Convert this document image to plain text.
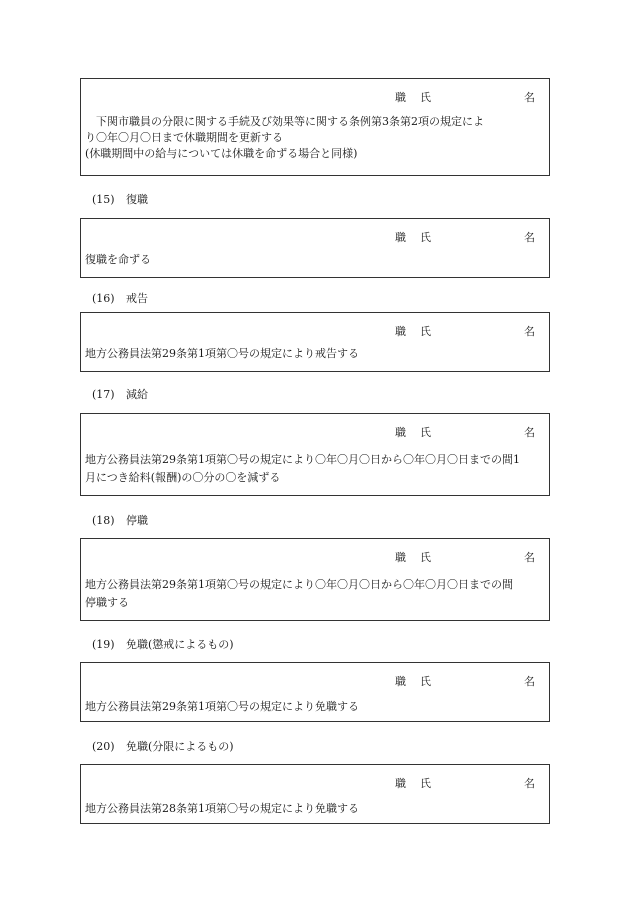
職 氏	名
下関市職員の分限に関する手続及び効果等に関する条例第3条第2項の規定によ
り〇年〇月〇日まで休職期間を更新する
(休職期間中の給与については休職を命ずる場合と同様)
(15) 復職
職 氏	名
復職を命ずる
(16) 戒告
職 氏	名
地方公務員法第29条第1項第〇号の規定により戒告する
(17) 減給
職 氏	名
地方公務員法第29条第1項第〇号の規定により〇年〇月〇日から〇年〇月〇日までの間1
月につき給料(報酬)の〇分の〇を減ずる
(18) 停職
職 氏	名
地方公務員法第29条第1項第〇号の規定により〇年〇月〇日から〇年〇月〇日までの間
停職する
(19) 免職(懲戒によるもの)
職 氏	名
地方公務員法第29条第1項第〇号の規定により免職する
(20) 免職(分限によるもの)
職 氏	名
地方公務員法第28条第1項第〇号の規定により免職する
